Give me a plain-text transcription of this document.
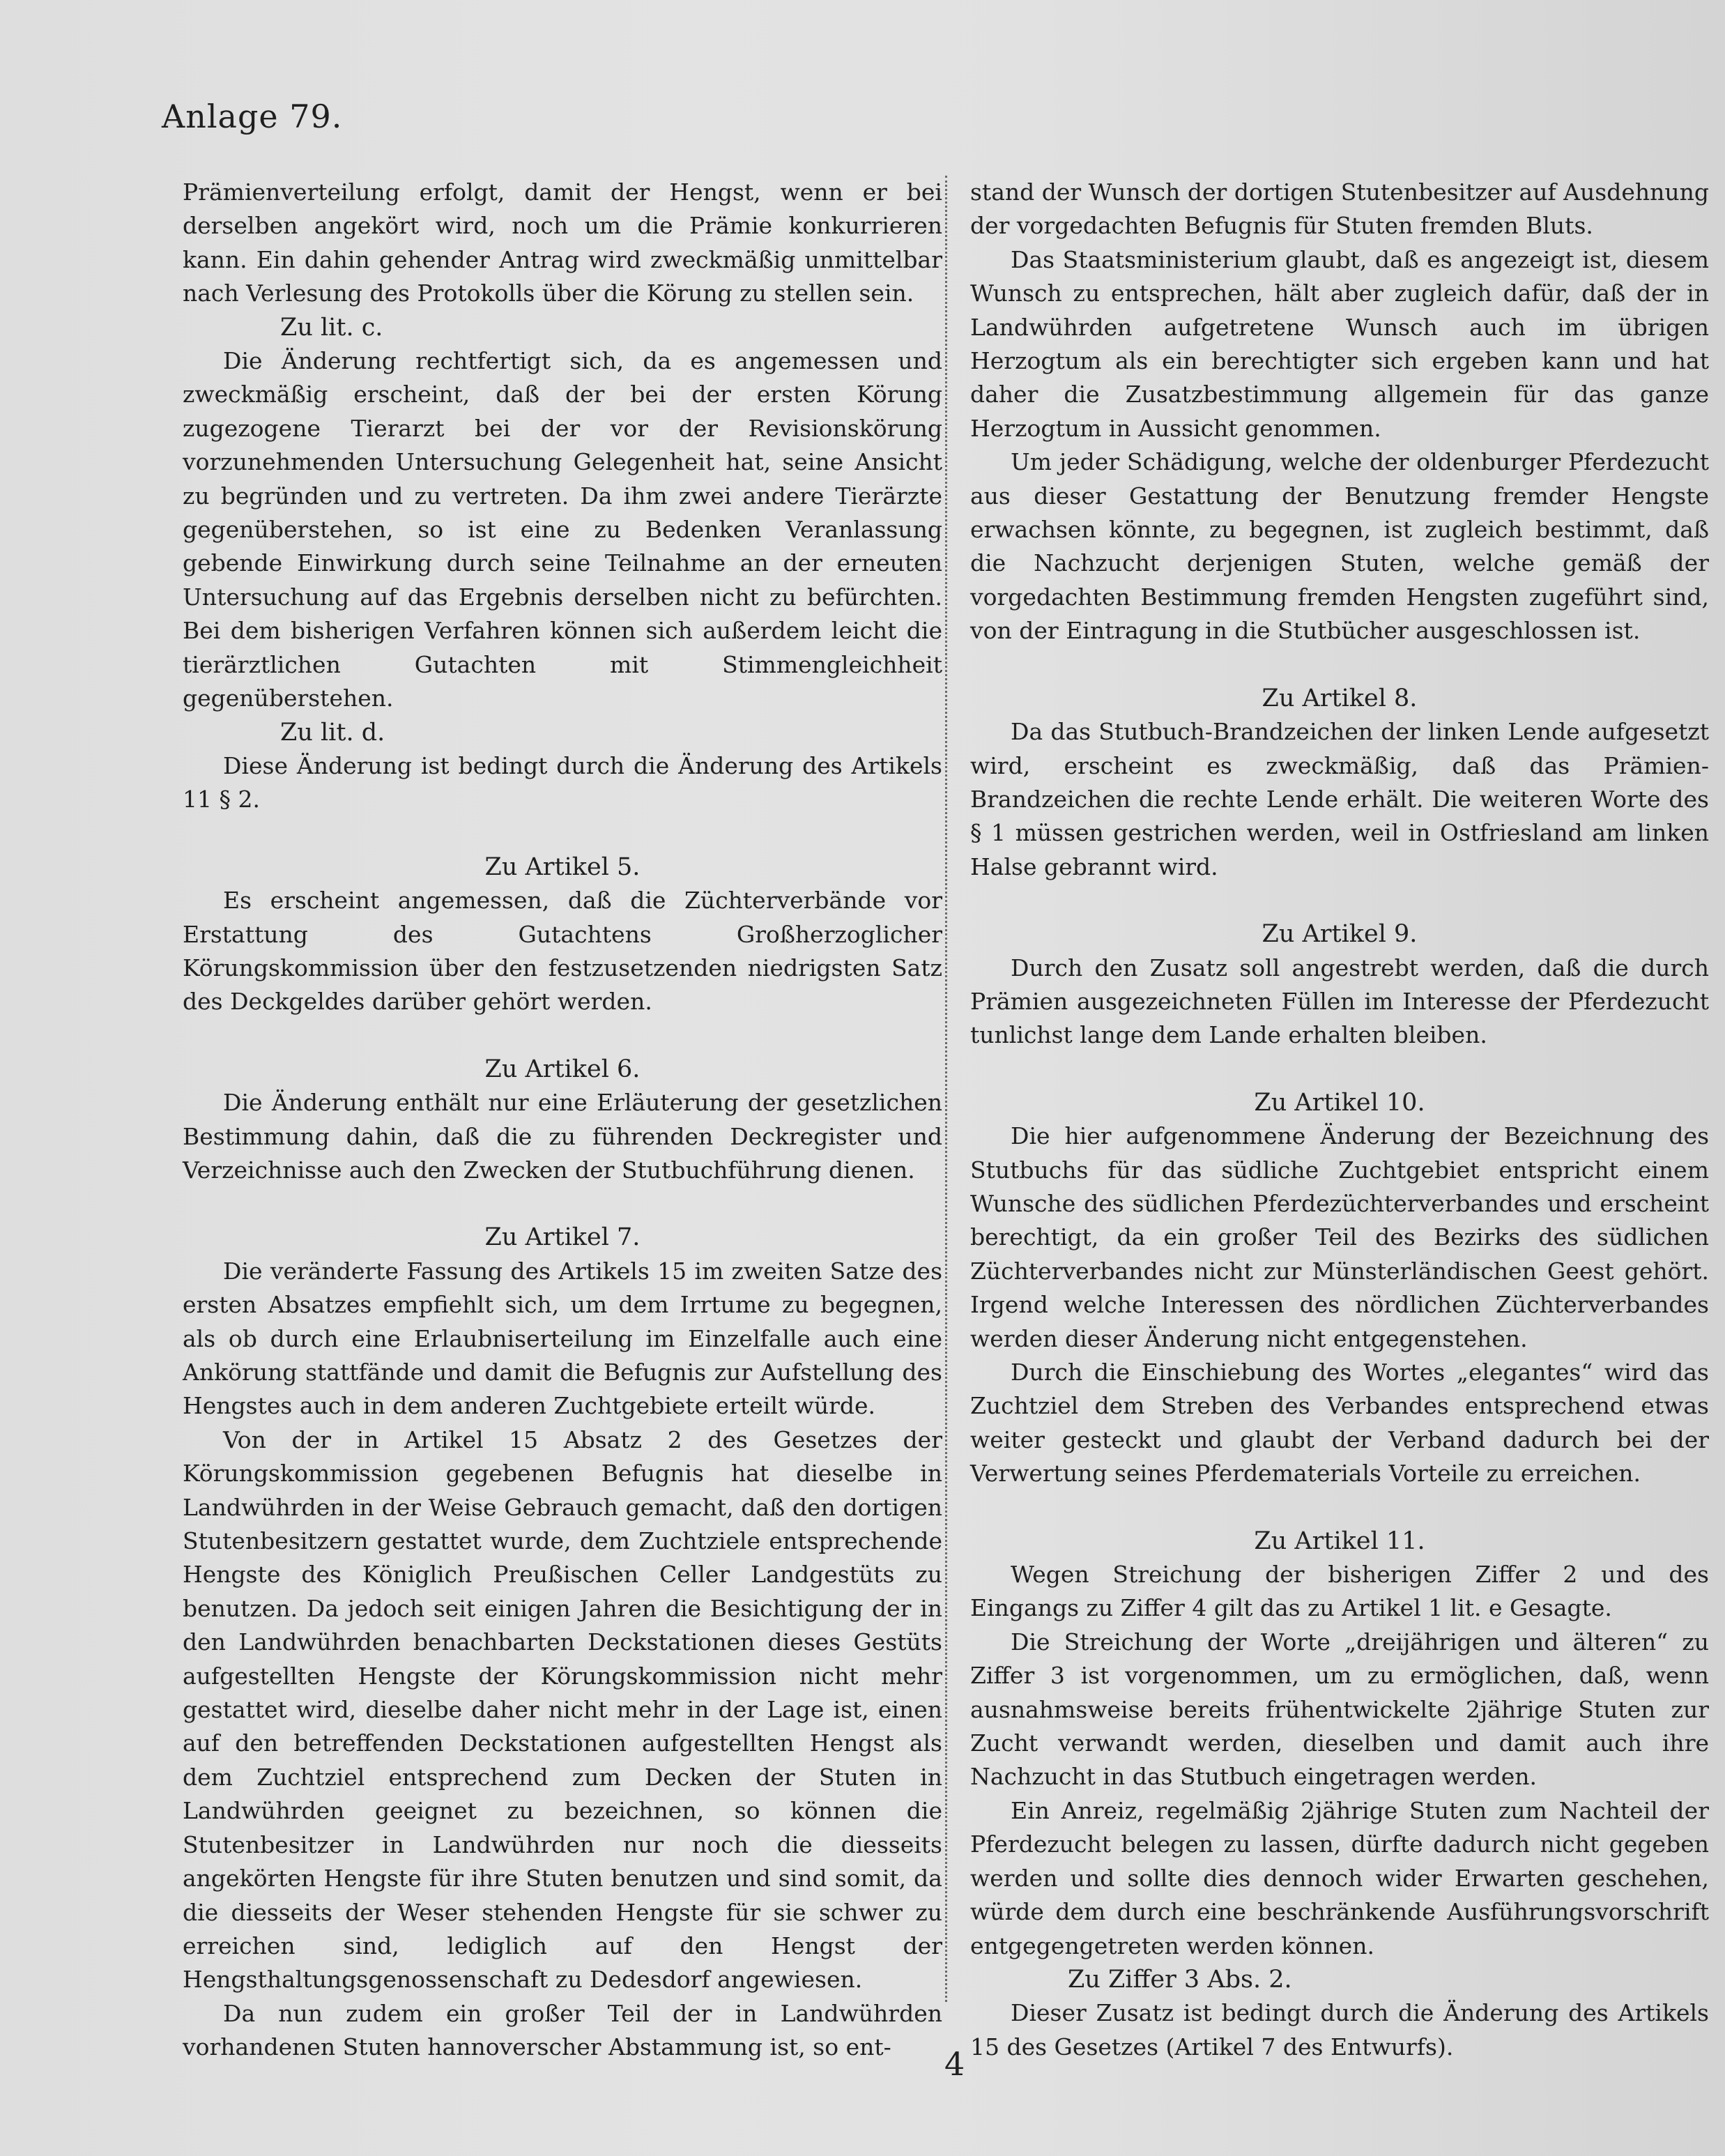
Anlage 79.

Prämienverteilung erfolgt, damit der Hengst, wenn er bei derselben angekört wird, noch um die Prämie konkurrieren kann. Ein dahin gehender Antrag wird zweckmäßig unmittelbar nach Verlesung des Protokolls über die Körung zu stellen sein.

Zu lit. c.

Die Änderung rechtfertigt sich, da es angemessen und zweckmäßig erscheint, daß der bei der ersten Körung zugezogene Tierarzt bei der vor der Revisionskörung vorzunehmenden Untersuchung Gelegenheit hat, seine Ansicht zu begründen und zu vertreten. Da ihm zwei andere Tierärzte gegenüberstehen, so ist eine zu Bedenken Veranlassung gebende Einwirkung durch seine Teilnahme an der erneuten Untersuchung auf das Ergebnis derselben nicht zu befürchten. Bei dem bisherigen Verfahren können sich außerdem leicht die tierärztlichen Gutachten mit Stimmengleichheit gegenüberstehen.

Zu lit. d.

Diese Änderung ist bedingt durch die Änderung des Artikels 11 § 2.

Zu Artikel 5.

Es erscheint angemessen, daß die Züchterverbände vor Erstattung des Gutachtens Großherzoglicher Körungskommission über den festzusetzenden niedrigsten Satz des Deckgeldes darüber gehört werden.

Zu Artikel 6.

Die Änderung enthält nur eine Erläuterung der gesetzlichen Bestimmung dahin, daß die zu führenden Deckregister und Verzeichnisse auch den Zwecken der Stutbuchführung dienen.

Zu Artikel 7.

Die veränderte Fassung des Artikels 15 im zweiten Satze des ersten Absatzes empfiehlt sich, um dem Irrtume zu begegnen, als ob durch eine Erlaubniserteilung im Einzelfalle auch eine Ankörung stattfände und damit die Befugnis zur Aufstellung des Hengstes auch in dem anderen Zuchtgebiete erteilt würde.

Von der in Artikel 15 Absatz 2 des Gesetzes der Körungskommission gegebenen Befugnis hat dieselbe in Landwührden in der Weise Gebrauch gemacht, daß den dortigen Stutenbesitzern gestattet wurde, dem Zuchtziele entsprechende Hengste des Königlich Preußischen Celler Landgestüts zu benutzen. Da jedoch seit einigen Jahren die Besichtigung der in den Landwührden benachbarten Deckstationen dieses Gestüts aufgestellten Hengste der Körungskommission nicht mehr gestattet wird, dieselbe daher nicht mehr in der Lage ist, einen auf den betreffenden Deckstationen aufgestellten Hengst als dem Zuchtziel entsprechend zum Decken der Stuten in Landwührden geeignet zu bezeichnen, so können die Stutenbesitzer in Landwührden nur noch die diesseits angekörten Hengste für ihre Stuten benutzen und sind somit, da die diesseits der Weser stehenden Hengste für sie schwer zu erreichen sind, lediglich auf den Hengst der Hengsthaltungsgenossenschaft zu Dedesdorf angewiesen.

Da nun zudem ein großer Teil der in Landwührden vorhandenen Stuten hannoverscher Abstammung ist, so ent-

stand der Wunsch der dortigen Stutenbesitzer auf Ausdehnung der vorgedachten Befugnis für Stuten fremden Bluts.

Das Staatsministerium glaubt, daß es angezeigt ist, diesem Wunsch zu entsprechen, hält aber zugleich dafür, daß der in Landwührden aufgetretene Wunsch auch im übrigen Herzogtum als ein berechtigter sich ergeben kann und hat daher die Zusatzbestimmung allgemein für das ganze Herzogtum in Aussicht genommen.

Um jeder Schädigung, welche der oldenburger Pferdezucht aus dieser Gestattung der Benutzung fremder Hengste erwachsen könnte, zu begegnen, ist zugleich bestimmt, daß die Nachzucht derjenigen Stuten, welche gemäß der vorgedachten Bestimmung fremden Hengsten zugeführt sind, von der Eintragung in die Stutbücher ausgeschlossen ist.

Zu Artikel 8.

Da das Stutbuch-Brandzeichen der linken Lende aufgesetzt wird, erscheint es zweckmäßig, daß das Prämien-Brandzeichen die rechte Lende erhält. Die weiteren Worte des § 1 müssen gestrichen werden, weil in Ostfriesland am linken Halse gebrannt wird.

Zu Artikel 9.

Durch den Zusatz soll angestrebt werden, daß die durch Prämien ausgezeichneten Füllen im Interesse der Pferdezucht tunlichst lange dem Lande erhalten bleiben.

Zu Artikel 10.

Die hier aufgenommene Änderung der Bezeichnung des Stutbuchs für das südliche Zuchtgebiet entspricht einem Wunsche des südlichen Pferdezüchterverbandes und erscheint berechtigt, da ein großer Teil des Bezirks des südlichen Züchterverbandes nicht zur Münsterländischen Geest gehört. Irgend welche Interessen des nördlichen Züchterverbandes werden dieser Änderung nicht entgegenstehen.

Durch die Einschiebung des Wortes „elegantes“ wird das Zuchtziel dem Streben des Verbandes entsprechend etwas weiter gesteckt und glaubt der Verband dadurch bei der Verwertung seines Pferdematerials Vorteile zu erreichen.

Zu Artikel 11.

Wegen Streichung der bisherigen Ziffer 2 und des Eingangs zu Ziffer 4 gilt das zu Artikel 1 lit. e Gesagte.

Die Streichung der Worte „dreijährigen und älteren“ zu Ziffer 3 ist vorgenommen, um zu ermöglichen, daß, wenn ausnahmsweise bereits frühentwickelte 2jährige Stuten zur Zucht verwandt werden, dieselben und damit auch ihre Nachzucht in das Stutbuch eingetragen werden.

Ein Anreiz, regelmäßig 2jährige Stuten zum Nachteil der Pferdezucht belegen zu lassen, dürfte dadurch nicht gegeben werden und sollte dies dennoch wider Erwarten geschehen, würde dem durch eine beschränkende Ausführungsvorschrift entgegengetreten werden können.

Zu Ziffer 3 Abs. 2.

Dieser Zusatz ist bedingt durch die Änderung des Artikels 15 des Gesetzes (Artikel 7 des Entwurfs).

4
